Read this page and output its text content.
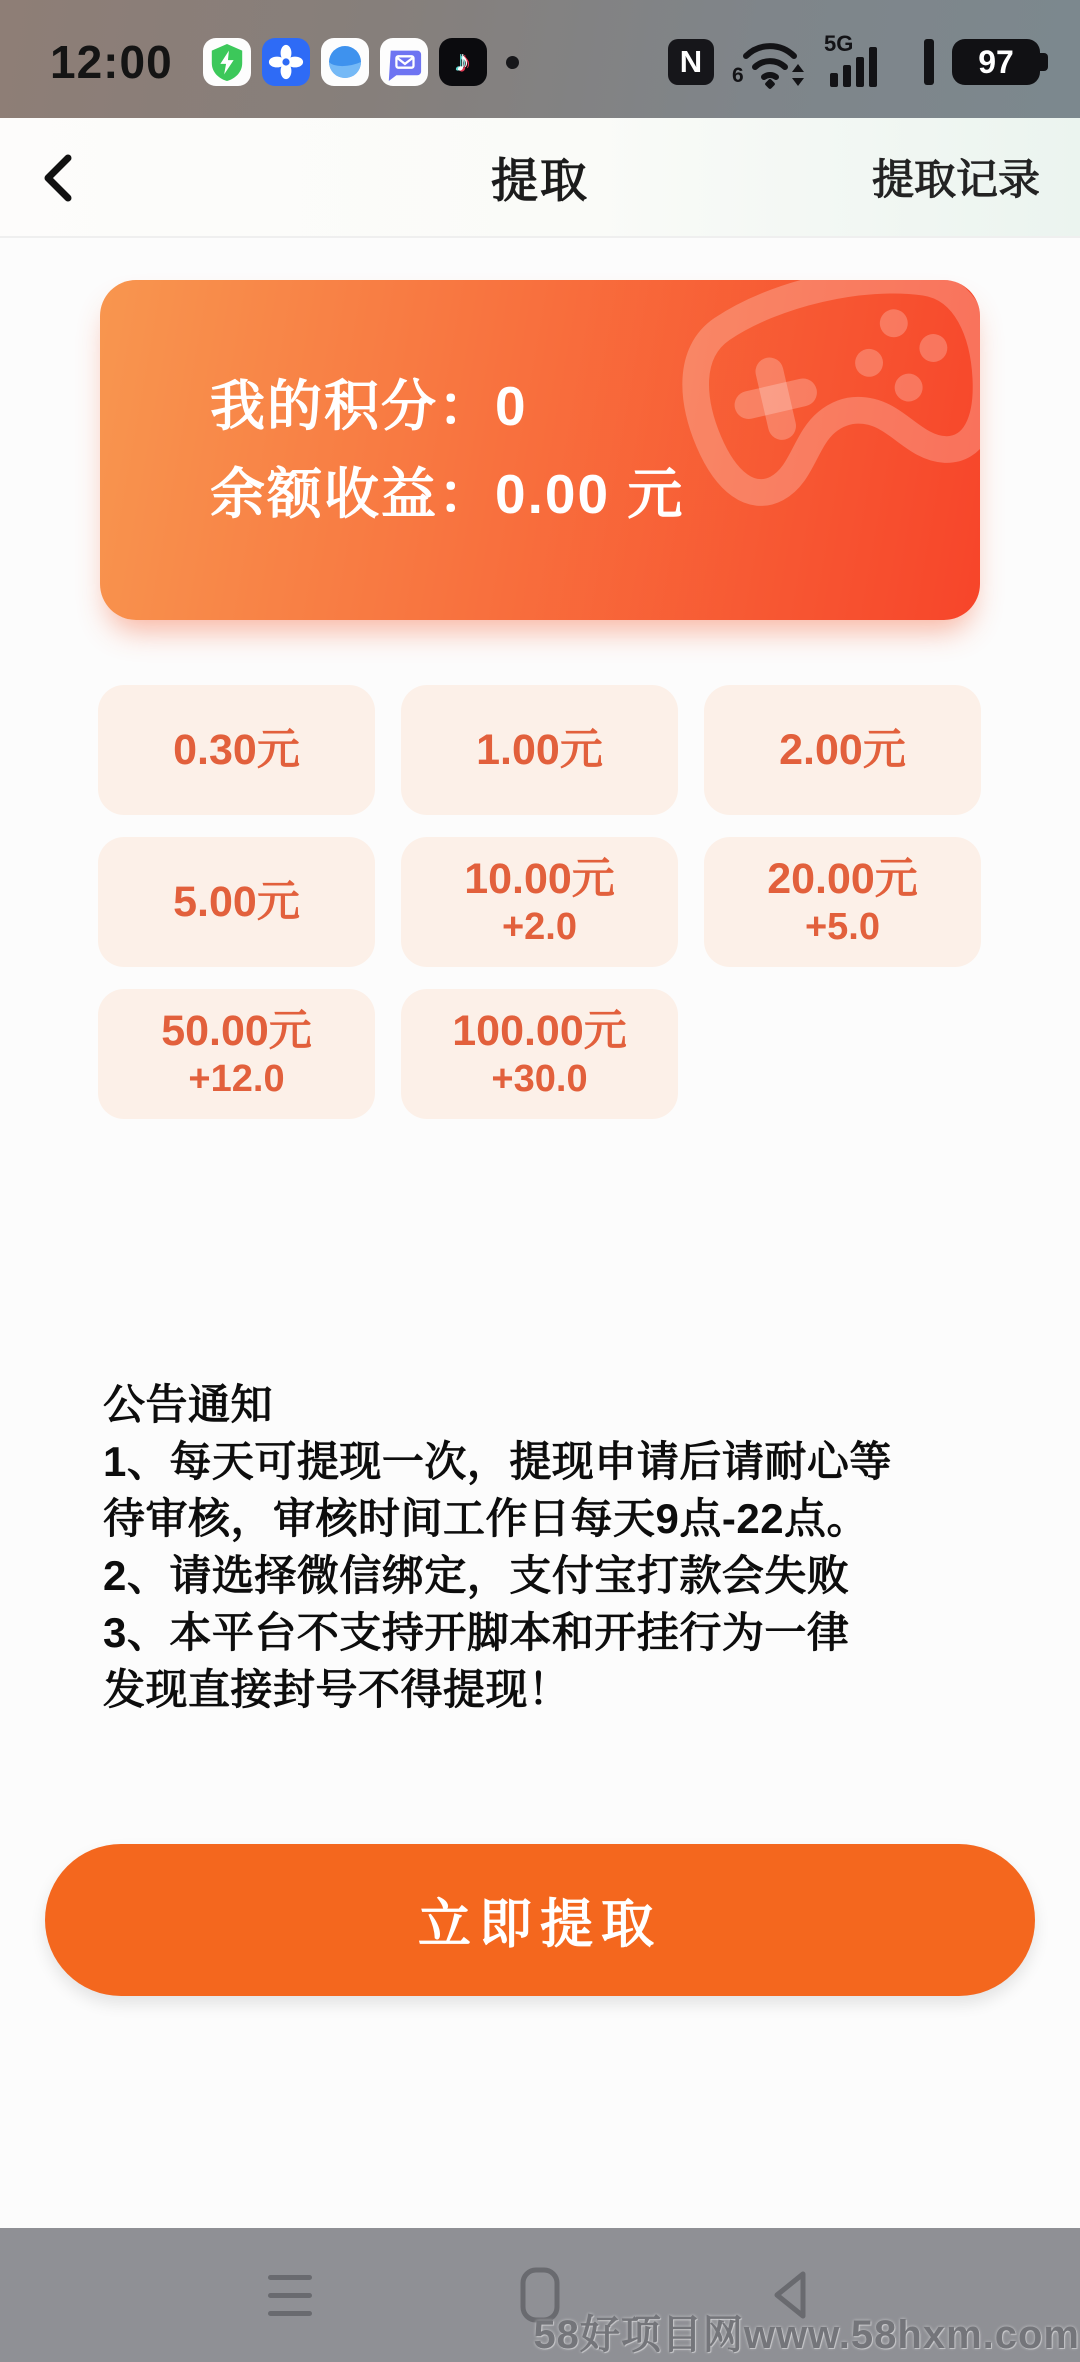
12:00	♪	N	6
5G	97
提取	提取记录
我的积分：0
余额收益：0.00 元
0.30元	1.00元	2.00元
5.00元	10.00元
+2.0
20.00元
+5.0
50.00元
+12.0
100.00元
+30.0
公告通知
1、每天可提现一次，提现申请后请耐心等
待审核，审核时间工作日每天9点-22点。
2、请选择微信绑定，支付宝打款会失败
3、本平台不支持开脚本和开挂行为一律
发现直接封号不得提现！
立即提取
58好项目网www.58hxm.com
